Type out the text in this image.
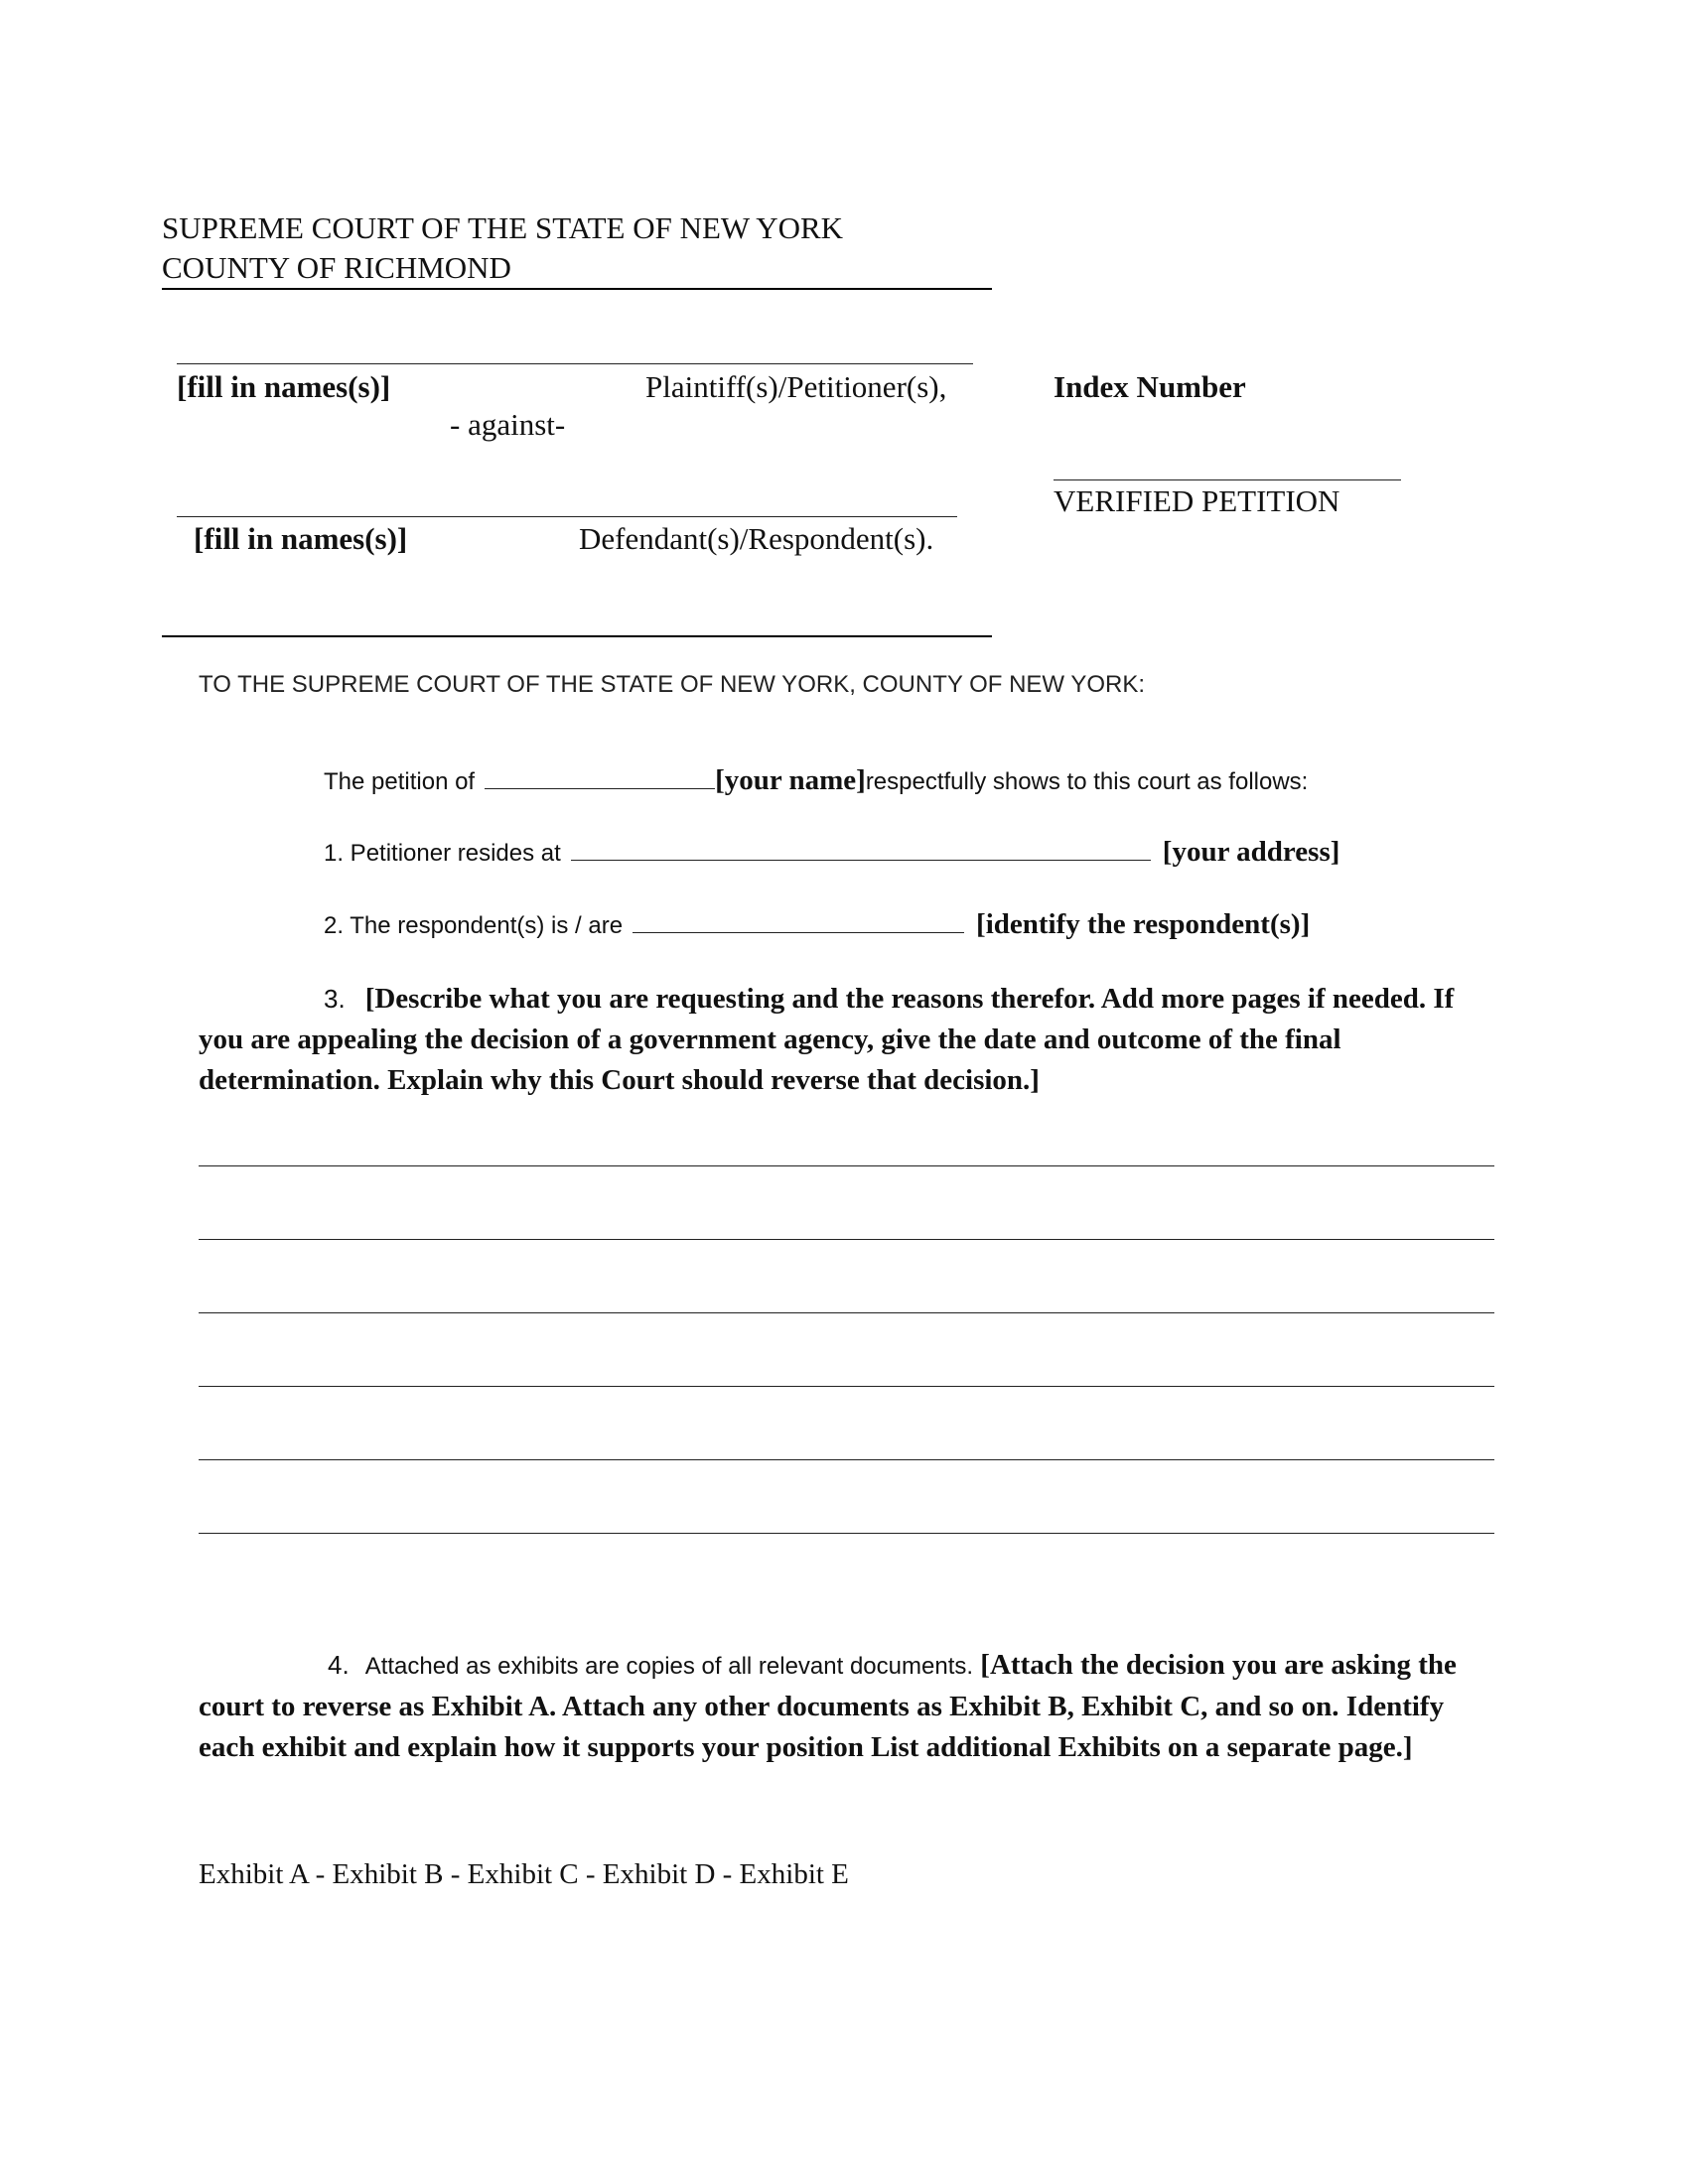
SUPREME COURT OF THE STATE OF NEW YORK
COUNTY OF RICHMOND
[fill in names(s)]	Plaintiff(s)/Petitioner(s),
- against-
[fill in names(s)]	Defendant(s)/Respondent(s).
Index Number
VERIFIED PETITION
TO THE SUPREME COURT OF THE STATE OF NEW YORK, COUNTY OF NEW YORK:
The petition of	[your name]respectfully shows to this court as follows:
1. Petitioner resides at	[your address]
2. The respondent(s) is / are	[identify the respondent(s)]
3. [Describe what you are requesting and the reasons therefor. Add more pages if needed. If you are appealing the decision of a government agency, give the date and outcome of the final determination. Explain why this Court should reverse that decision.]
4. Attached as exhibits are copies of all relevant documents. [Attach the decision you are asking the court to reverse as Exhibit A. Attach any other documents as Exhibit B, Exhibit C, and so on. Identify each exhibit and explain how it supports your position List additional Exhibits on a separate page.]
Exhibit A - Exhibit B - Exhibit C - Exhibit D - Exhibit E
